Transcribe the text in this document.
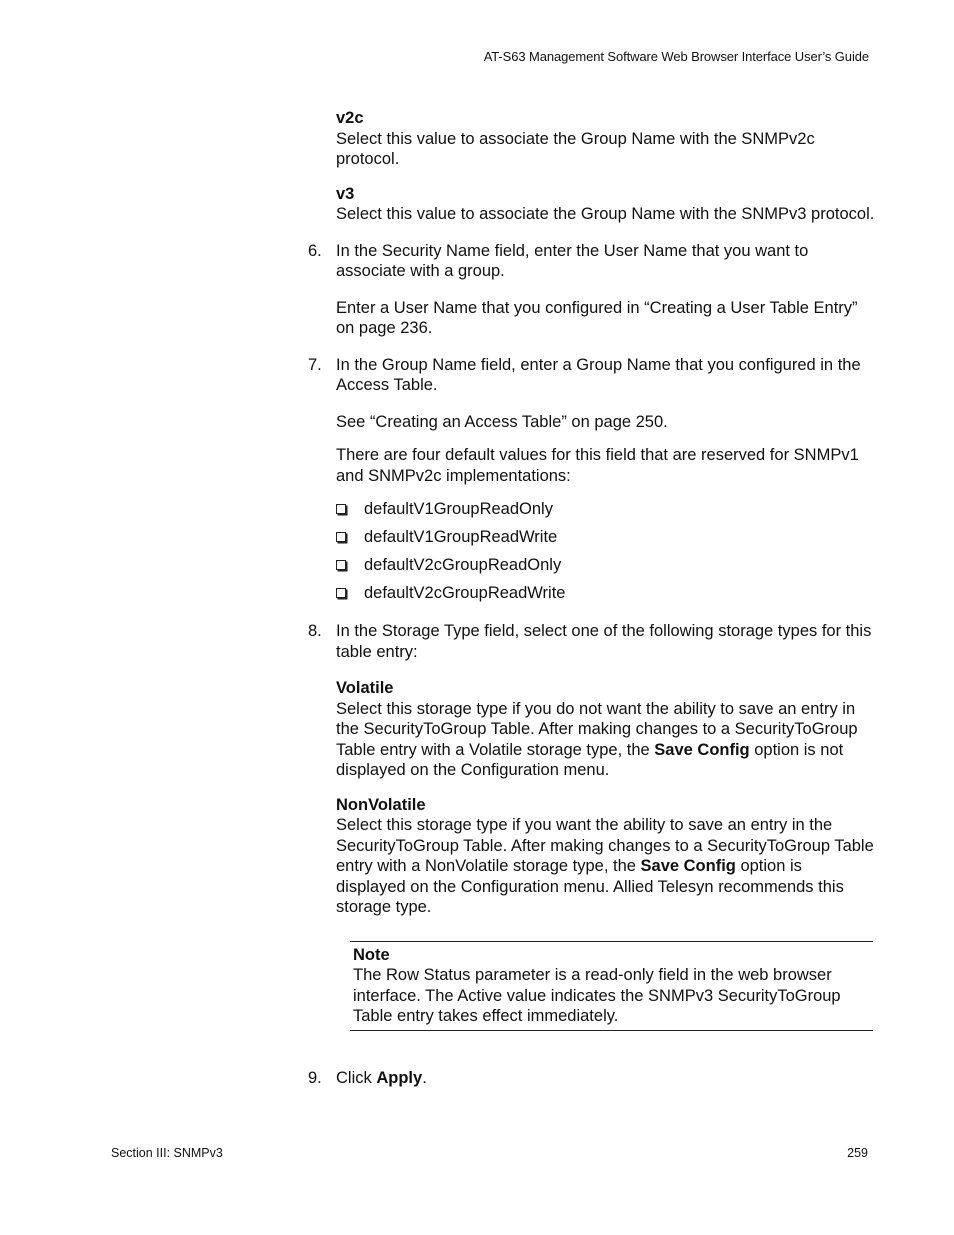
AT-S63 Management Software Web Browser Interface User’s Guide

v2c

Select this value to associate the Group Name with the SNMPv2c protocol.

v3

Select this value to associate the Group Name with the SNMPv3 protocol.

6. In the Security Name field, enter the User Name that you want to associate with a group.

Enter a User Name that you configured in “Creating a User Table Entry” on page 236.

7. In the Group Name field, enter a Group Name that you configured in the Access Table.

See “Creating an Access Table” on page 250.

There are four default values for this field that are reserved for SNMPv1 and SNMPv2c implementations:

defaultV1GroupReadOnly
defaultV1GroupReadWrite
defaultV2cGroupReadOnly
defaultV2cGroupReadWrite
8. In the Storage Type field, select one of the following storage types for this table entry:

Volatile

Select this storage type if you do not want the ability to save an entry in the SecurityToGroup Table. After making changes to a SecurityToGroup Table entry with a Volatile storage type, the Save Config option is not displayed on the Configuration menu.

NonVolatile

Select this storage type if you want the ability to save an entry in the SecurityToGroup Table. After making changes to a SecurityToGroup Table entry with a NonVolatile storage type, the Save Config option is displayed on the Configuration menu. Allied Telesyn recommends this storage type.

Note

The Row Status parameter is a read-only field in the web browser interface. The Active value indicates the SNMPv3 SecurityToGroup Table entry takes effect immediately.

9. Click Apply.

Section III: SNMPv3	259
